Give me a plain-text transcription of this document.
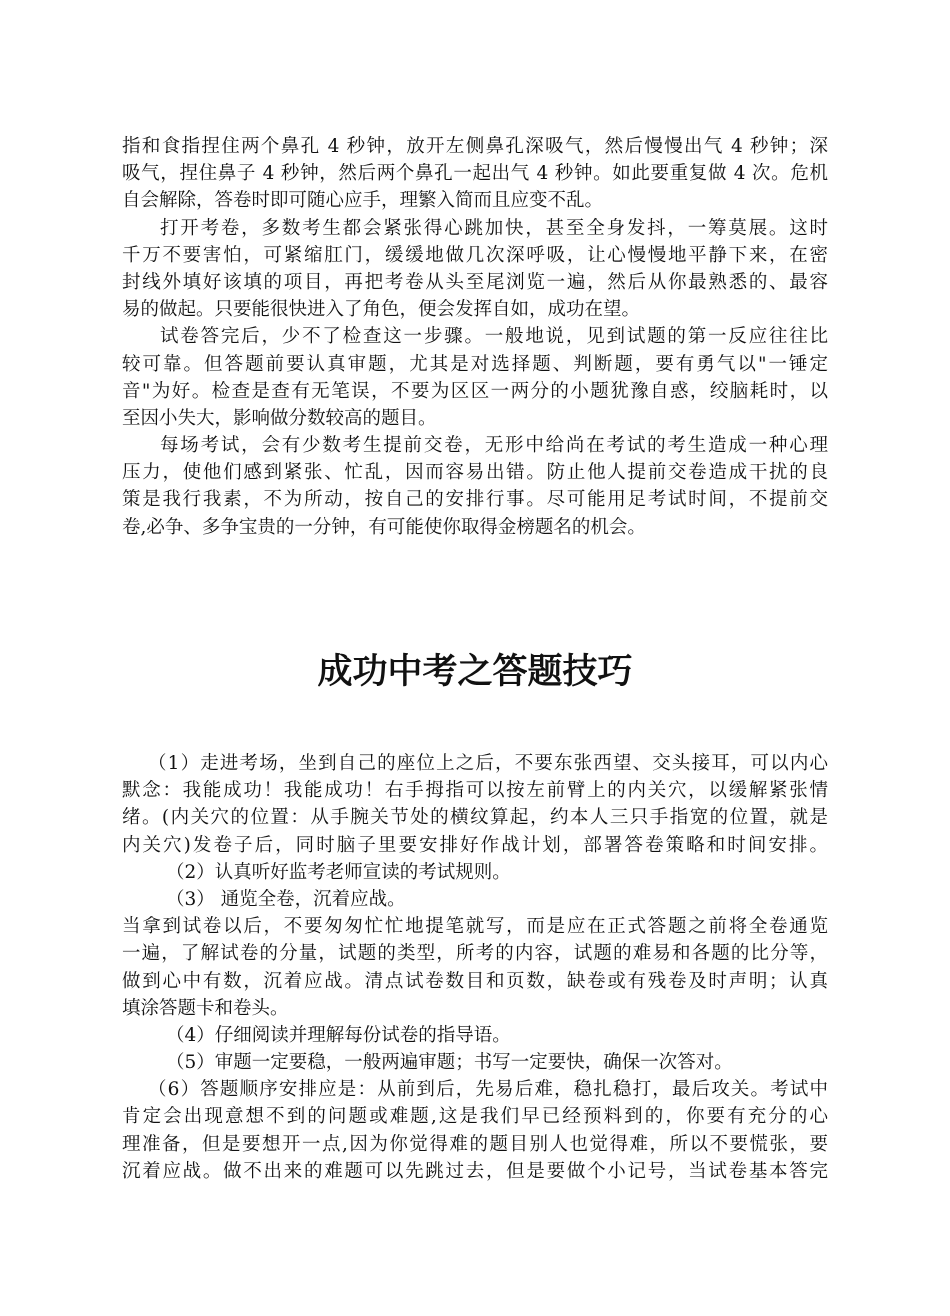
指和食指捏住两个鼻孔 4 秒钟，放开左侧鼻孔深吸气，然后慢慢出气 4 秒钟；深

吸气，捏住鼻子 4 秒钟，然后两个鼻孔一起出气 4 秒钟。如此要重复做 4 次。危机

自会解除，答卷时即可随心应手，理繁入简而且应变不乱。

打开考卷，多数考生都会紧张得心跳加快，甚至全身发抖，一筹莫展。这时

千万不要害怕，可紧缩肛门，缓缓地做几次深呼吸，让心慢慢地平静下来，在密

封线外填好该填的项目，再把考卷从头至尾浏览一遍，然后从你最熟悉的、最容

易的做起。只要能很快进入了角色，便会发挥自如，成功在望。

试卷答完后，少不了检查这一步骤。一般地说，见到试题的第一反应往往比

较可靠。但答题前要认真审题，尤其是对选择题、判断题，要有勇气以"一锤定

音"为好。检查是查有无笔误，不要为区区一两分的小题犹豫自惑，绞脑耗时，以

至因小失大，影响做分数较高的题目。

每场考试，会有少数考生提前交卷，无形中给尚在考试的考生造成一种心理

压力，使他们感到紧张、忙乱，因而容易出错。防止他人提前交卷造成干扰的良

策是我行我素，不为所动，按自己的安排行事。尽可能用足考试时间，不提前交

卷,必争、多争宝贵的一分钟，有可能使你取得金榜题名的机会。

成功中考之答题技巧

（1）走进考场，坐到自己的座位上之后，不要东张西望、交头接耳，可以内心

默念：我能成功！我能成功！右手拇指可以按左前臂上的内关穴，以缓解紧张情

绪。(内关穴的位置：从手腕关节处的横纹算起，约本人三只手指宽的位置，就是

内关穴)发卷子后，同时脑子里要安排好作战计划，部署答卷策略和时间安排。

（2）认真听好监考老师宣读的考试规则。

（3） 通览全卷，沉着应战。

当拿到试卷以后，不要匆匆忙忙地提笔就写，而是应在正式答题之前将全卷通览

一遍，了解试卷的分量，试题的类型，所考的内容，试题的难易和各题的比分等，

做到心中有数，沉着应战。清点试卷数目和页数，缺卷或有残卷及时声明；认真

填涂答题卡和卷头。

（4）仔细阅读并理解每份试卷的指导语。

（5）审题一定要稳，一般两遍审题；书写一定要快，确保一次答对。

（6）答题顺序安排应是：从前到后，先易后难，稳扎稳打，最后攻关。考试中

肯定会出现意想不到的问题或难题,这是我们早已经预料到的，你要有充分的心

理准备，但是要想开一点,因为你觉得难的题目别人也觉得难，所以不要慌张，要

沉着应战。做不出来的难题可以先跳过去，但是要做个小记号，当试卷基本答完
